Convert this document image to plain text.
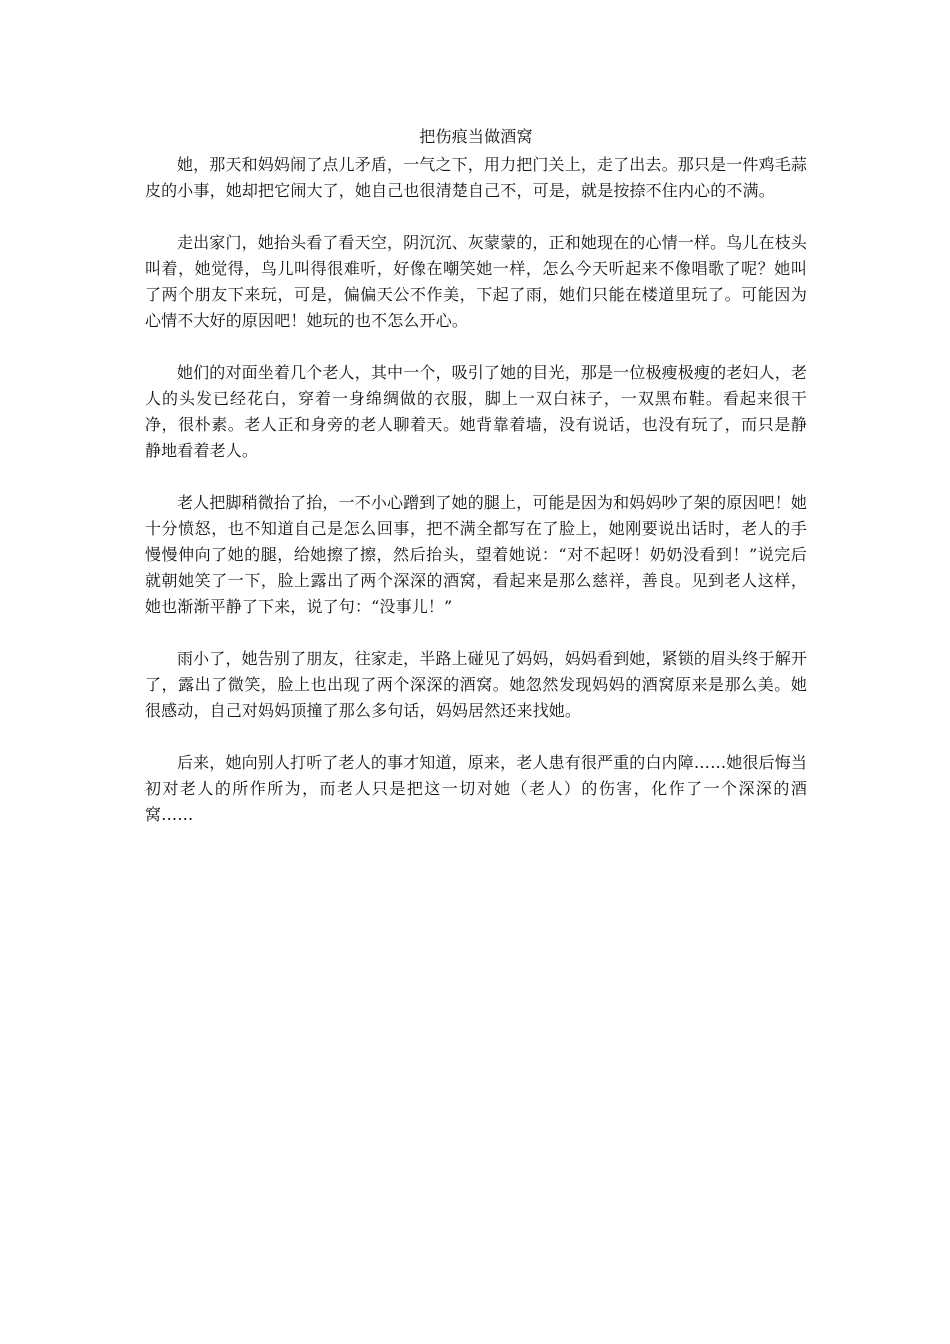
把伤痕当做酒窝

她，那天和妈妈闹了点儿矛盾，一气之下，用力把门关上，走了出去。那只是一件鸡毛蒜皮的小事，她却把它闹大了，她自己也很清楚自己不，可是，就是按捺不住内心的不满。

走出家门，她抬头看了看天空，阴沉沉、灰蒙蒙的，正和她现在的心情一样。鸟儿在枝头叫着，她觉得，鸟儿叫得很难听，好像在嘲笑她一样，怎么今天听起来不像唱歌了呢？她叫了两个朋友下来玩，可是，偏偏天公不作美，下起了雨，她们只能在楼道里玩了。可能因为心情不大好的原因吧！她玩的也不怎么开心。

她们的对面坐着几个老人，其中一个，吸引了她的目光，那是一位极瘦极瘦的老妇人，老人的头发已经花白，穿着一身绵绸做的衣服，脚上一双白袜子，一双黑布鞋。看起来很干净，很朴素。老人正和身旁的老人聊着天。她背靠着墙，没有说话，也没有玩了，而只是静静地看着老人。

老人把脚稍微抬了抬，一不小心蹭到了她的腿上，可能是因为和妈妈吵了架的原因吧！她十分愤怒，也不知道自己是怎么回事，把不满全都写在了脸上，她刚要说出话时，老人的手慢慢伸向了她的腿，给她擦了擦，然后抬头，望着她说：“对不起呀！奶奶没看到！”说完后就朝她笑了一下，脸上露出了两个深深的酒窝，看起来是那么慈祥，善良。见到老人这样，她也渐渐平静了下来，说了句：“没事儿！”

雨小了，她告别了朋友，往家走，半路上碰见了妈妈，妈妈看到她，紧锁的眉头终于解开了，露出了微笑，脸上也出现了两个深深的酒窝。她忽然发现妈妈的酒窝原来是那么美。她很感动，自己对妈妈顶撞了那么多句话，妈妈居然还来找她。

后来，她向别人打听了老人的事才知道，原来，老人患有很严重的白内障……她很后悔当初对老人的所作所为，而老人只是把这一切对她（老人）的伤害，化作了一个深深的酒窝……
